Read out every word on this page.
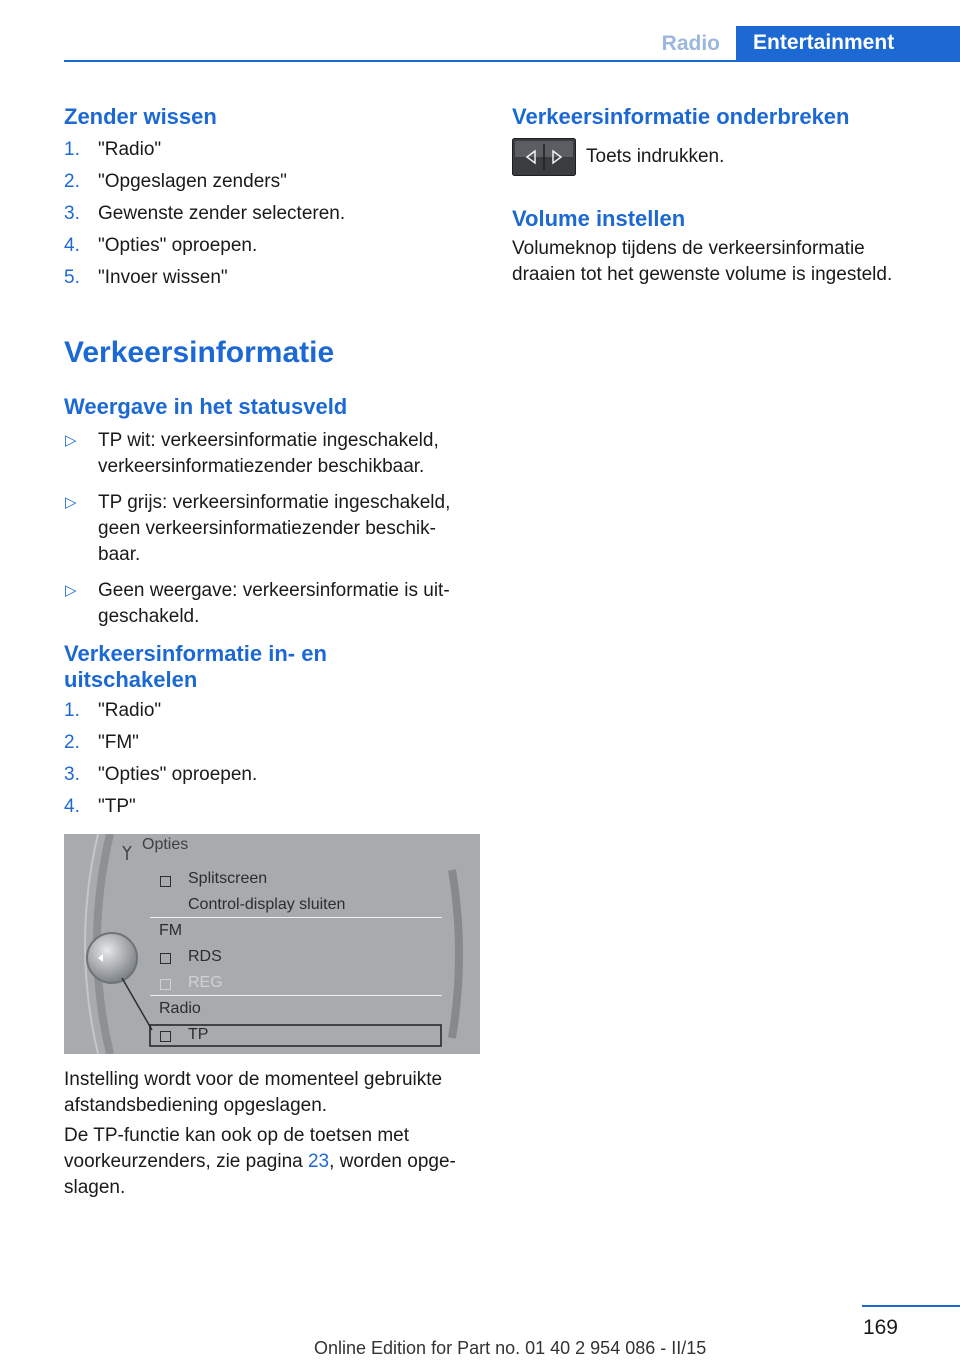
Radio	Entertainment
Zender wissen
1. "Radio"
2. "Opgeslagen zenders"
3. Gewenste zender selecteren.
4. "Opties" oproepen.
5. "Invoer wissen"
Verkeersinformatie
Weergave in het statusveld
▷ TP wit: verkeersinformatie ingeschakeld, verkeersinformatiezender beschikbaar.
▷ TP grijs: verkeersinformatie ingeschakeld, geen verkeersinformatiezender beschik‐baar.
▷ Geen weergave: verkeersinformatie is uit‐geschakeld.
Verkeersinformatie in- en
uitschakelen
1. "Radio"
2. "FM"
3. "Opties" oproepen.
4. "TP"
Opties
Splitscreen
Control-display sluiten
FM
RDS
REG
Radio
TP
Instelling wordt voor de momenteel gebruikte afstandsbediening opgeslagen.
De TP-functie kan ook op de toetsen met voorkeurzenders, zie pagina 23, worden opge‐slagen.
Verkeersinformatie onderbreken
Toets indrukken.
Volume instellen
Volumeknop tijdens de verkeersinformatie draaien tot het gewenste volume is ingesteld.
169
Online Edition for Part no. 01 40 2 954 086 - II/15
